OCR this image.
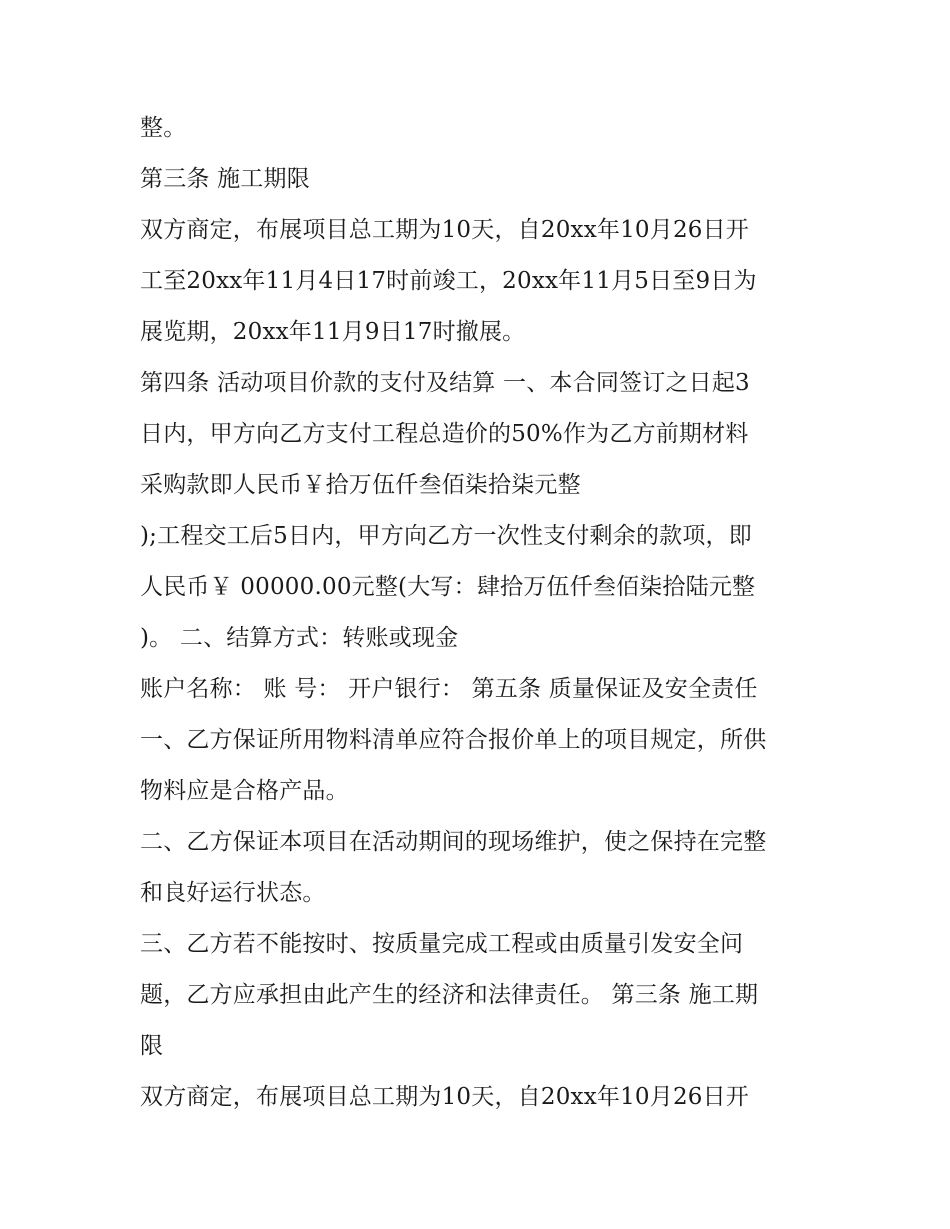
整。
第三条 施工期限
双方商定，布展项目总工期为10天，自20xx年10月26日开
工至20xx年11月4日17时前竣工，20xx年11月5日至9日为
展览期，20xx年11月9日17时撤展。
第四条 活动项目价款的支付及结算 一、本合同签订之日起3
日内，甲方向乙方支付工程总造价的50%作为乙方前期材料
采购款即人民币￥拾万伍仟叁佰柒拾柒元整
);工程交工后5日内，甲方向乙方一次性支付剩余的款项，即
人民币￥ 00000.00元整(大写：肆拾万伍仟叁佰柒拾陆元整
)。 二、结算方式：转账或现金
账户名称： 账 号： 开户银行： 第五条 质量保证及安全责任
一、乙方保证所用物料清单应符合报价单上的项目规定，所供
物料应是合格产品。
二、乙方保证本项目在活动期间的现场维护，使之保持在完整
和良好运行状态。
三、乙方若不能按时、按质量完成工程或由质量引发安全问
题，乙方应承担由此产生的经济和法律责任。 第三条 施工期
限
双方商定，布展项目总工期为10天，自20xx年10月26日开
